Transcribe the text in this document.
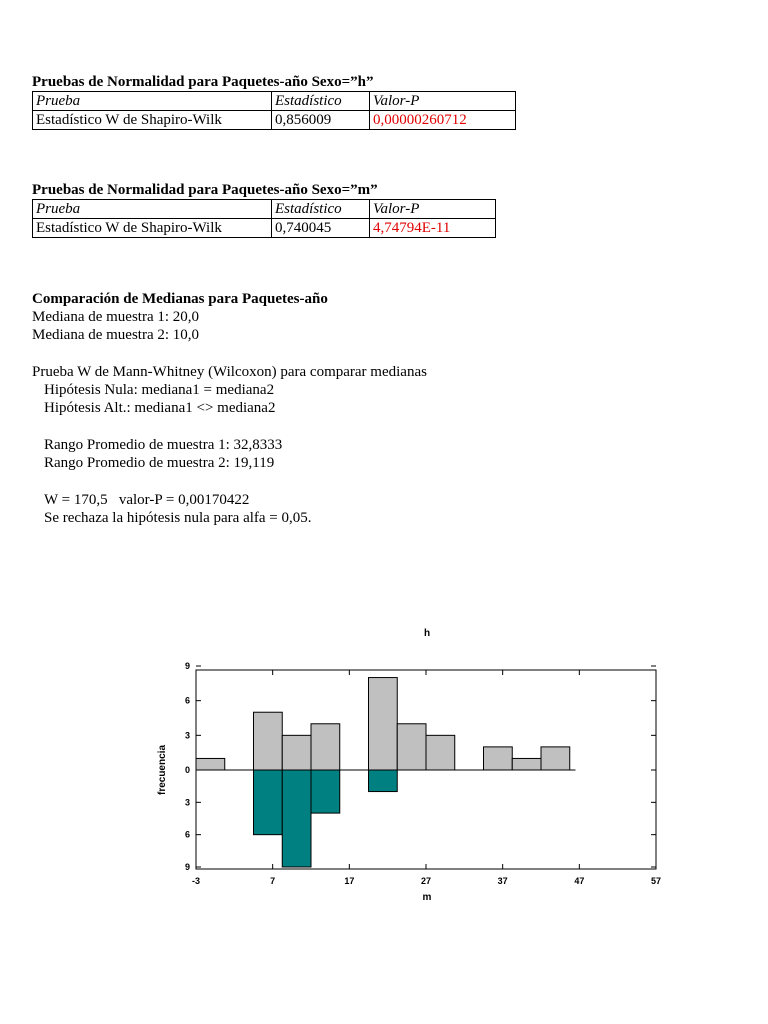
Pruebas de Normalidad para Paquetes-año Sexo=”h”
Prueba	Estadístico	Valor-P
Estadístico W de Shapiro-Wilk	0,856009	0,00000260712
Pruebas de Normalidad para Paquetes-año Sexo=”m”
Prueba	Estadístico	Valor-P
Estadístico W de Shapiro-Wilk	0,740045	4,74794E-11
Comparación de Medianas para Paquetes-año
Mediana de muestra 1: 20,0
Mediana de muestra 2: 10,0

Prueba W de Mann-Whitney (Wilcoxon) para comparar medianas
Hipótesis Nula: mediana1 = mediana2
Hipótesis Alt.: mediana1 <> mediana2

Rango Promedio de muestra 1: 32,8333
Rango Promedio de muestra 2: 19,119

W = 170,5   valor-P = 0,00170422
Se rechaza la hipótesis nula para alfa = 0,05.
h
frecuencia
m
-3	7	17	27	37	47	57
9
6
3
0
3
6
9
